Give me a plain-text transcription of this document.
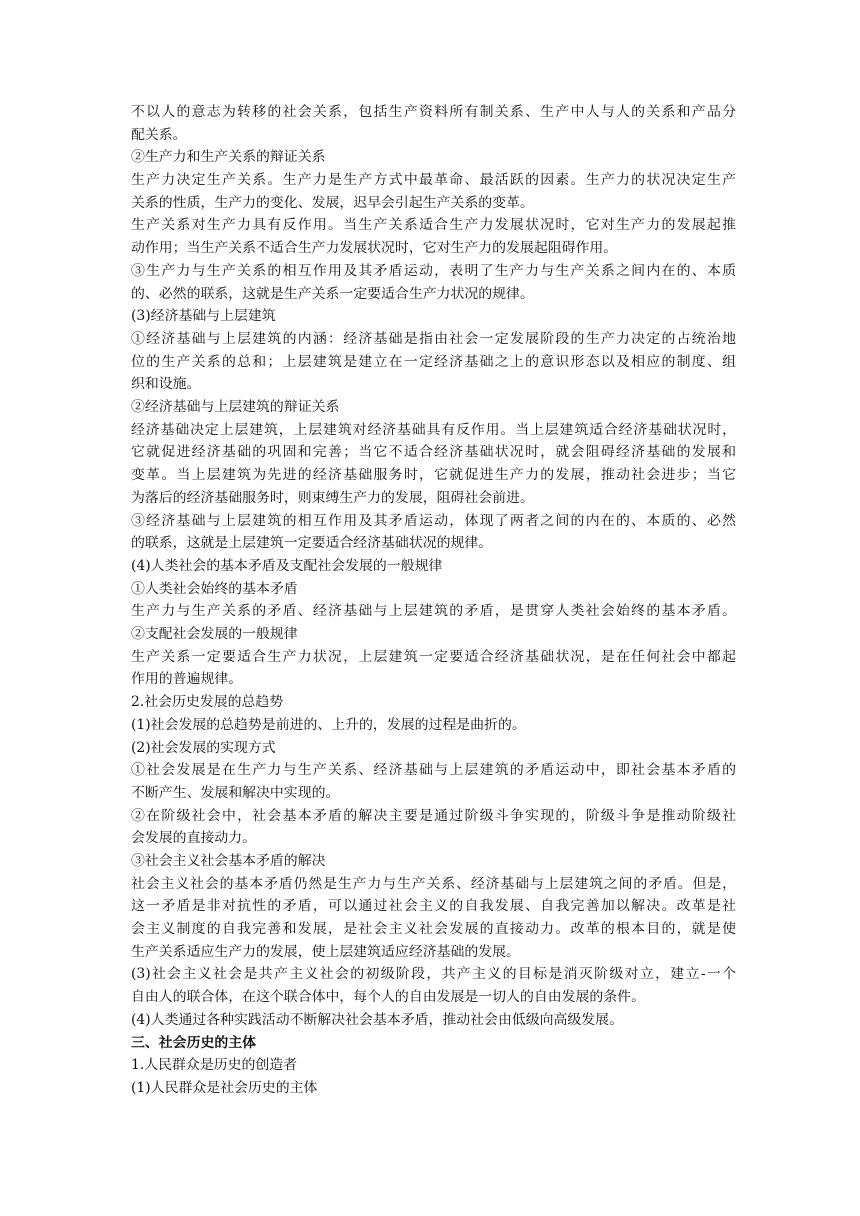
不以人的意志为转移的社会关系，包括生产资料所有制关系、生产中人与人的关系和产品分
配关系。
②生产力和生产关系的辩证关系
生产力决定生产关系。生产力是生产方式中最革命、最活跃的因素。生产力的状况决定生产
关系的性质，生产力的变化、发展，迟早会引起生产关系的变革。
生产关系对生产力具有反作用。当生产关系适合生产力发展状况时，它对生产力的发展起推
动作用；当生产关系不适合生产力发展状况时，它对生产力的发展起阻碍作用。
③生产力与生产关系的相互作用及其矛盾运动，表明了生产力与生产关系之间内在的、本质
的、必然的联系，这就是生产关系一定要适合生产力状况的规律。
(3)经济基础与上层建筑
①经济基础与上层建筑的内涵：经济基础是指由社会一定发展阶段的生产力决定的占统治地
位的生产关系的总和；上层建筑是建立在一定经济基础之上的意识形态以及相应的制度、组
织和设施。
②经济基础与上层建筑的辩证关系
经济基础决定上层建筑，上层建筑对经济基础具有反作用。当上层建筑适合经济基础状况时，
它就促进经济基础的巩固和完善；当它不适合经济基础状况时，就会阻碍经济基础的发展和
变革。当上层建筑为先进的经济基础服务时，它就促进生产力的发展，推动社会进步；当它
为落后的经济基础服务时，则束缚生产力的发展，阻碍社会前进。
③经济基础与上层建筑的相互作用及其矛盾运动，体现了两者之间的内在的、本质的、必然
的联系，这就是上层建筑一定要适合经济基础状况的规律。
(4)人类社会的基本矛盾及支配社会发展的一般规律
①人类社会始终的基本矛盾
生产力与生产关系的矛盾、经济基础与上层建筑的矛盾，是贯穿人类社会始终的基本矛盾。
②支配社会发展的一般规律
生产关系一定要适合生产力状况，上层建筑一定要适合经济基础状况，是在任何社会中都起
作用的普遍规律。
2.社会历史发展的总趋势
(1)社会发展的总趋势是前进的、上升的，发展的过程是曲折的。
(2)社会发展的实现方式
①社会发展是在生产力与生产关系、经济基础与上层建筑的矛盾运动中，即社会基本矛盾的
不断产生、发展和解决中实现的。
②在阶级社会中，社会基本矛盾的解决主要是通过阶级斗争实现的，阶级斗争是推动阶级社
会发展的直接动力。
③社会主义社会基本矛盾的解决
社会主义社会的基本矛盾仍然是生产力与生产关系、经济基础与上层建筑之间的矛盾。但是，
这一矛盾是非对抗性的矛盾，可以通过社会主义的自我发展、自我完善加以解决。改革是社
会主义制度的自我完善和发展，是社会主义社会发展的直接动力。改革的根本目的，就是使
生产关系适应生产力的发展，使上层建筑适应经济基础的发展。
(3)社会主义社会是共产主义社会的初级阶段，共产主义的目标是消灭阶级对立，建立-一个
自由人的联合体，在这个联合体中，每个人的自由发展是一切人的自由发展的条件。
(4)人类通过各种实践活动不断解决社会基本矛盾，推动社会由低级向高级发展。
三、社会历史的主体
1.人民群众是历史的创造者
(1)人民群众是社会历史的主体
